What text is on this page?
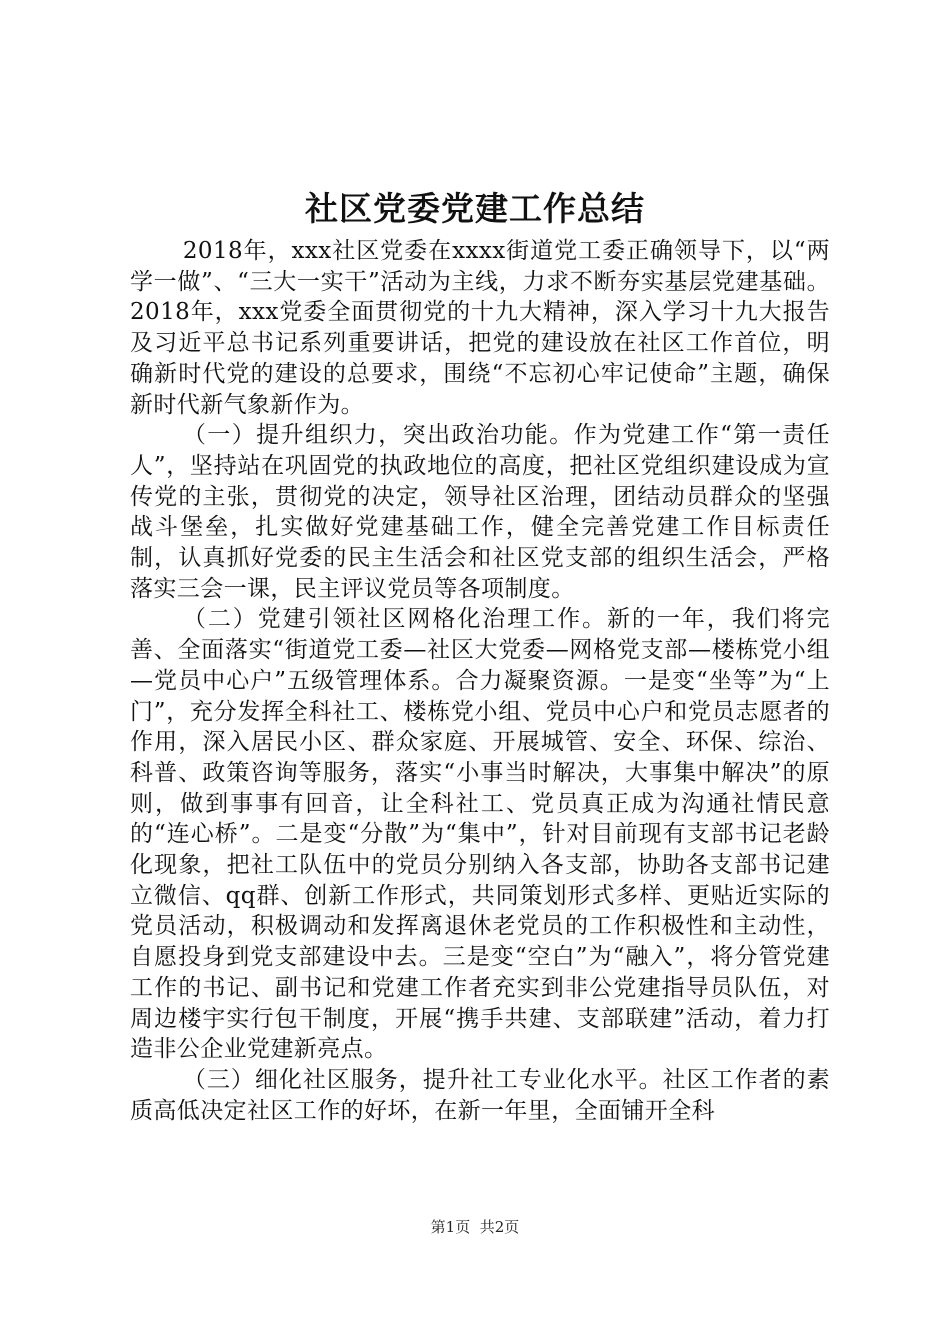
社区党委党建工作总结

2018年，xxx社区党委在xxxx街道党工委正确领导下，以“两学一做”、“三大一实干”活动为主线，力求不断夯实基层党建基础。2018年，xxx党委全面贯彻党的十九大精神，深入学习十九大报告及习近平总书记系列重要讲话，把党的建设放在社区工作首位，明确新时代党的建设的总要求，围绕“不忘初心牢记使命”主题，确保新时代新气象新作为。

（一）提升组织力，突出政治功能。作为党建工作“第一责任人”，坚持站在巩固党的执政地位的高度，把社区党组织建设成为宣传党的主张，贯彻党的决定，领导社区治理，团结动员群众的坚强战斗堡垒，扎实做好党建基础工作，健全完善党建工作目标责任制，认真抓好党委的民主生活会和社区党支部的组织生活会，严格落实三会一课，民主评议党员等各项制度。

（二）党建引领社区网格化治理工作。新的一年，我们将完善、全面落实“街道党工委—社区大党委—网格党支部—楼栋党小组—党员中心户”五级管理体系。合力凝聚资源。一是变“坐等”为“上门”，充分发挥全科社工、楼栋党小组、党员中心户和党员志愿者的作用，深入居民小区、群众家庭、开展城管、安全、环保、综治、科普、政策咨询等服务，落实“小事当时解决，大事集中解决”的原则，做到事事有回音，让全科社工、党员真正成为沟通社情民意的“连心桥”。二是变“分散”为“集中”，针对目前现有支部书记老龄化现象，把社工队伍中的党员分别纳入各支部，协助各支部书记建立微信、qq群、创新工作形式，共同策划形式多样、更贴近实际的党员活动，积极调动和发挥离退休老党员的工作积极性和主动性，自愿投身到党支部建设中去。三是变“空白”为“融入”，将分管党建工作的书记、副书记和党建工作者充实到非公党建指导员队伍，对周边楼宇实行包干制度，开展“携手共建、支部联建”活动，着力打造非公企业党建新亮点。

（三）细化社区服务，提升社工专业化水平。社区工作者的素质高低决定社区工作的好坏，在新一年里，全面铺开全科

第1页 共2页
